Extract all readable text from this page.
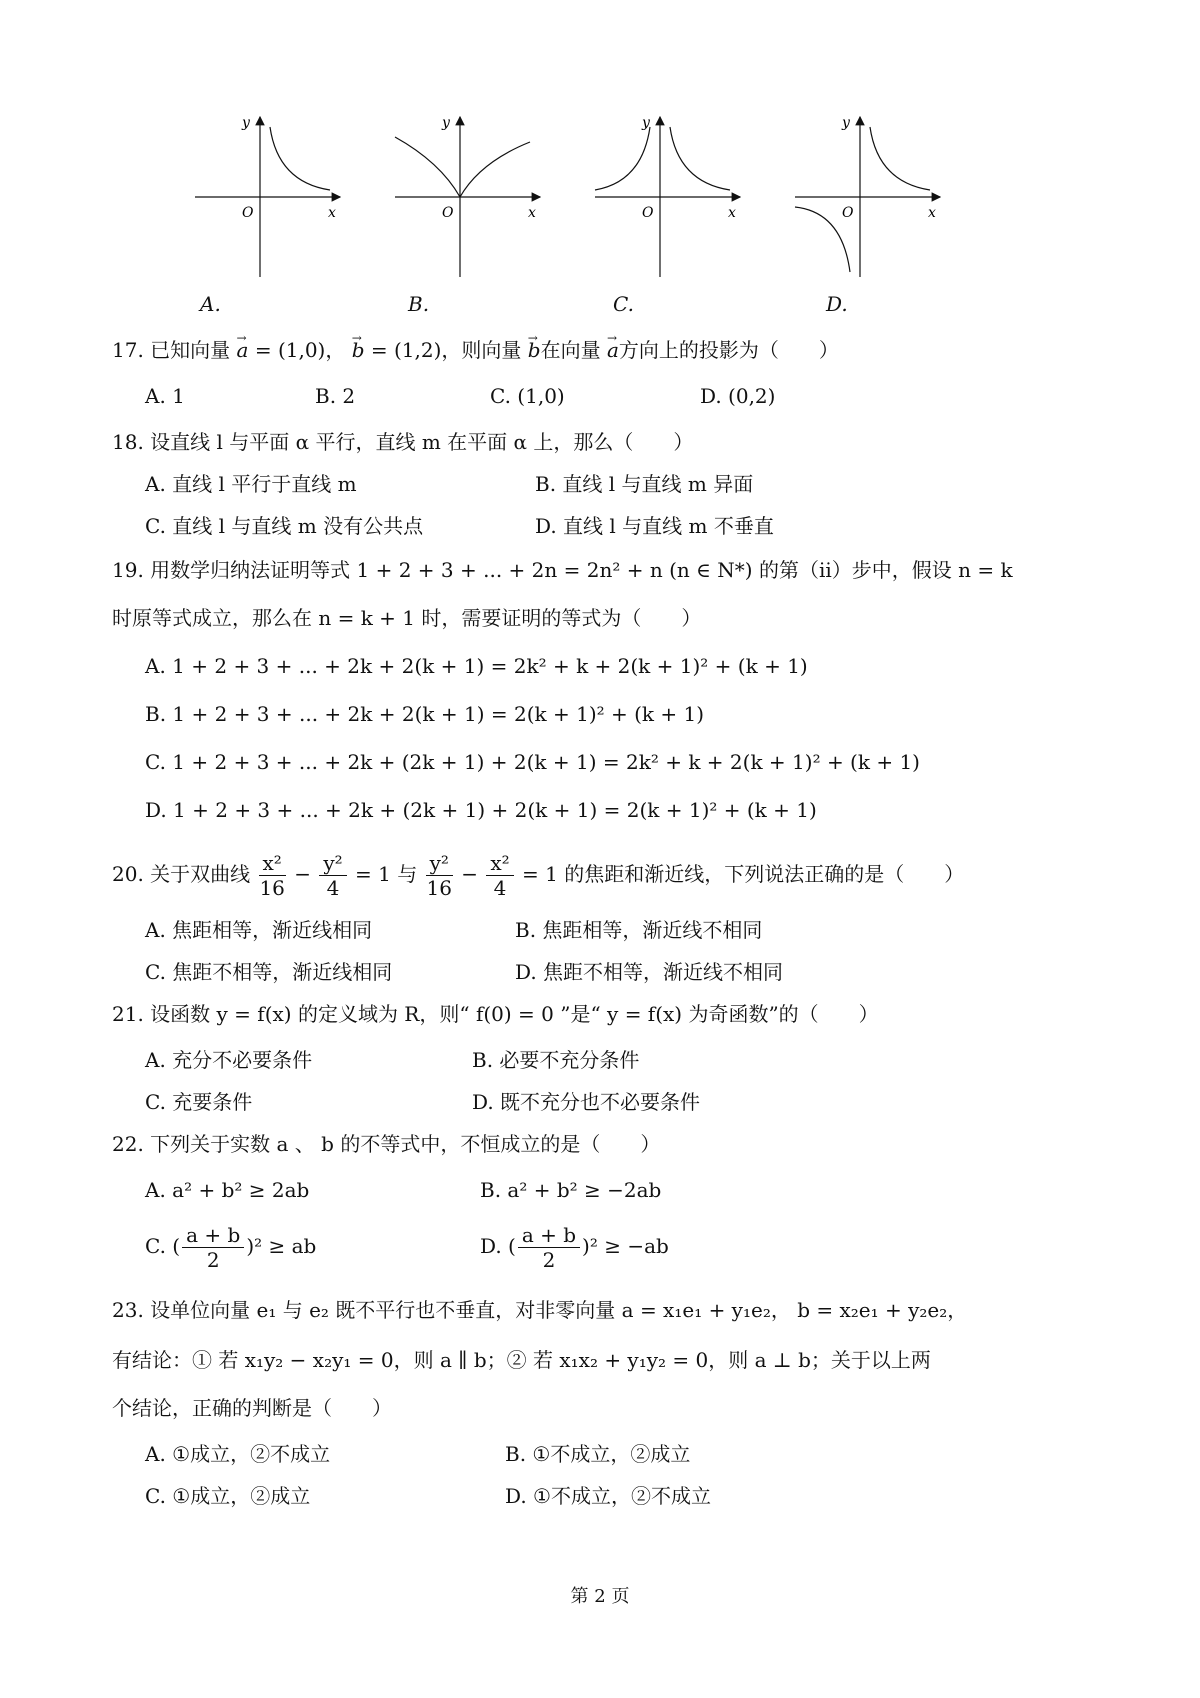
y
x
O
y
x
O
y
x
O
y
x
O
A.	B.	C.	D.
17. 已知向量 → a = (1,0)， → b = (1,2)，则向量 → b在向量 → a方向上的投影为（　　）
A. 1	B. 2	C. (1,0)	D. (0,2)
18. 设直线 l 与平面 α 平行，直线 m 在平面 α 上，那么（　　）
A. 直线 l 平行于直线 m	B. 直线 l 与直线 m 异面
C. 直线 l 与直线 m 没有公共点	D. 直线 l 与直线 m 不垂直
19. 用数学归纳法证明等式 1 + 2 + 3 + ... + 2n = 2n² + n (n ∈ N*) 的第（ii）步中，假设 n = k
时原等式成立，那么在 n = k + 1 时，需要证明的等式为（　　）
A. 1 + 2 + 3 + ... + 2k + 2(k + 1) = 2k² + k + 2(k + 1)² + (k + 1)
B. 1 + 2 + 3 + ... + 2k + 2(k + 1) = 2(k + 1)² + (k + 1)
C. 1 + 2 + 3 + ... + 2k + (2k + 1) + 2(k + 1) = 2k² + k + 2(k + 1)² + (k + 1)
D. 1 + 2 + 3 + ... + 2k + (2k + 1) + 2(k + 1) = 2(k + 1)² + (k + 1)
20. 关于双曲线 $\frac{\text{x²}}{16} - \frac{\text{y²}}{4} = 1$ 与 $\frac{\text{y²}}{16} - \frac{\text{x²}}{4} = 1$ 的焦距和渐近线，下列说法正确的是（　　）
A. 焦距相等，渐近线相同	B. 焦距相等，渐近线不相同
C. 焦距不相等，渐近线相同	D. 焦距不相等，渐近线不相同
21. 设函数 y = f(x) 的定义域为 R，则“ f(0) = 0 ”是“ y = f(x) 为奇函数”的（　　）
A. 充分不必要条件	B. 必要不充分条件
C. 充要条件	D. 既不充分也不必要条件
22. 下列关于实数 a 、 b 的不等式中，不恒成立的是（　　）
A. a² + b² ≥ 2ab	B. a² + b² ≥ −2ab
C. ( $\frac{a + b}{2} )^2$ ≥ ab	D. ( $\frac{a + b}{2} )^2 \ge -ab$
23. 设单位向量 e₁ 与 e₂ 既不平行也不垂直，对非零向量 a = x₁e₁ + y₁e₂， b = x₂e₁ + y₂e₂，
有结论：① 若 x₁y₂ − x₂y₁ = 0，则 a ∥ b；② 若 x₁x₂ + y₁y₂ = 0，则 a ⊥ b；关于以上两
个结论，正确的判断是（　　）
A. ①成立，②不成立	B. ①不成立，②成立
C. ①成立，②成立	D. ①不成立，②不成立
第 2 页
